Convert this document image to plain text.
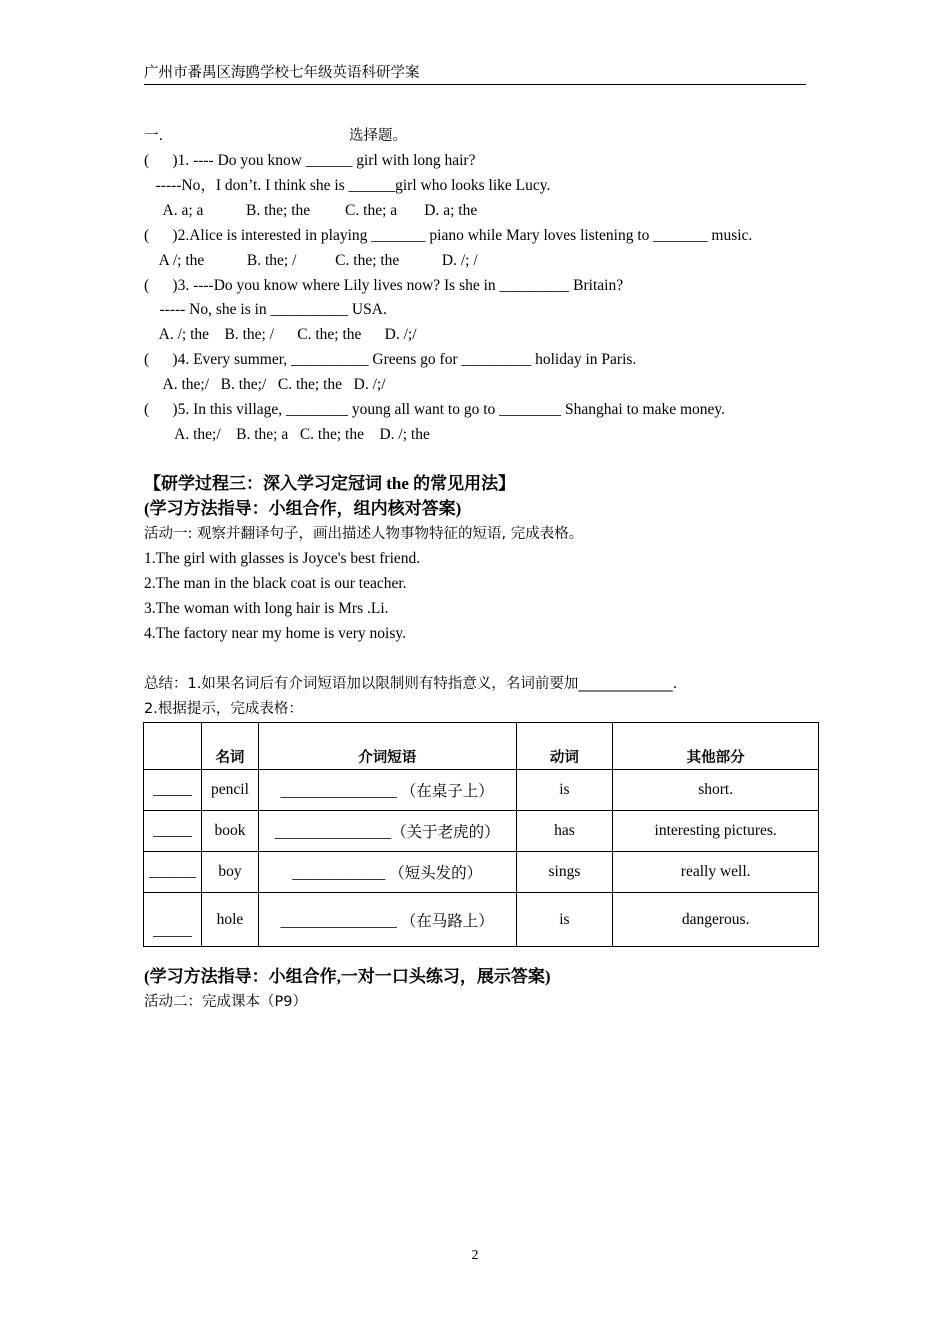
广州市番禺区海鸥学校七年级英语科研学案
一.	选择题。
(      )1. ---- Do you know ______ girl with long hair?
-----No，I don’t. I think she is ______girl who looks like Lucy.
A. a; a           B. the; the         C. the; a       D. a; the
(      )2.Alice is interested in playing _______ piano while Mary loves listening to _______ music.
A /; the           B. the; /          C. the; the           D. /; /
(      )3. ----Do you know where Lily lives now? Is she in _________ Britain?
----- No, she is in __________ USA.
A. /; the    B. the; /      C. the; the      D. /;/
(      )4. Every summer, __________ Greens go for _________ holiday in Paris.
A. the;/   B. the;/   C. the; the   D. /;/
(      )5. In this village, ________ young all want to go to ________ Shanghai to make money.
A. the;/    B. the; a   C. the; the    D. /; the
【研学过程三：深入学习定冠词 the 的常见用法】
(学习方法指导：小组合作，组内核对答案)
活动一: 观察并翻译句子，画出描述人物事物特征的短语, 完成表格。
1.The girl with glasses is Joyce's best friend.
2.The man in the black coat is our teacher.
3.The woman with long hair is Mrs .Li.
4.The factory near my home is very noisy.
总结：1.如果名词后有介词短语加以限制则有特指意义，名词前要加_____________.
2.根据提示，完成表格：
	名词	介词短语	动词	其他部分
_____	pencil	_______________ （在桌子上）	is	short.
_____	book	_______________（关于老虎的）	has	interesting pictures.
______	boy	____________ （短头发的）	sings	really well.
_____	hole	_______________ （在马路上）	is	dangerous.
(学习方法指导：小组合作,一对一口头练习，展示答案)
活动二：完成课本（P9）
2
